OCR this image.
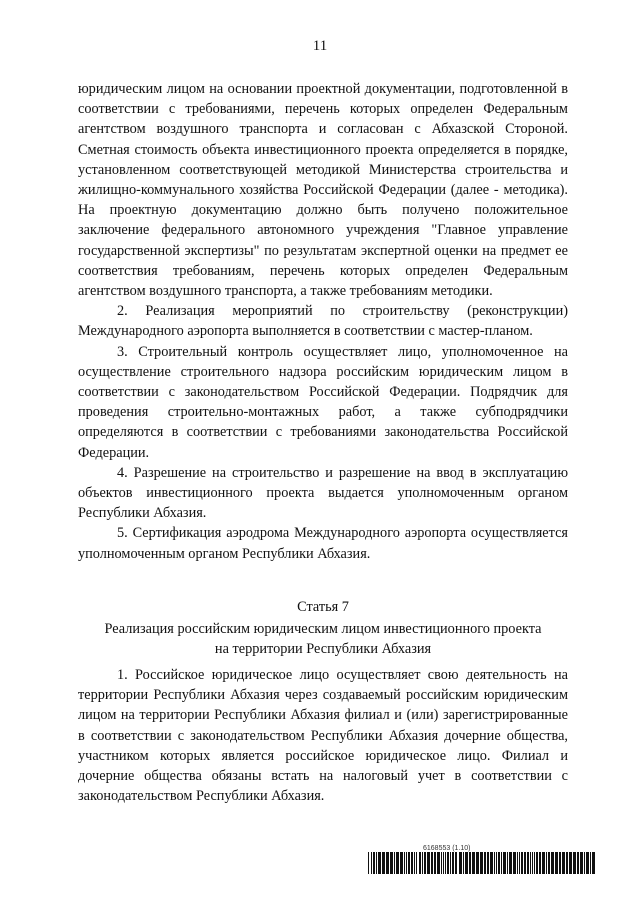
11

юридическим лицом на основании проектной документации, подготовленной в соответствии с требованиями, перечень которых определен Федеральным агентством воздушного транспорта и согласован с Абхазской Стороной. Сметная стоимость объекта инвестиционного проекта определяется в порядке, установленном соответствующей методикой Министерства строительства и жилищно-коммунального хозяйства Российской Федерации (далее - методика). На проектную документацию должно быть получено положительное заключение федерального автономного учреждения "Главное управление государственной экспертизы" по результатам экспертной оценки на предмет ее соответствия требованиям, перечень которых определен Федеральным агентством воздушного транспорта, а также требованиям методики.

2. Реализация мероприятий по строительству (реконструкции) Международного аэропорта выполняется в соответствии с мастер-планом.

3. Строительный контроль осуществляет лицо, уполномоченное на осуществление строительного надзора российским юридическим лицом в соответствии с законодательством Российской Федерации. Подрядчик для проведения строительно-монтажных работ, а также субподрядчики определяются в соответствии с требованиями законодательства Российской Федерации.

4. Разрешение на строительство и разрешение на ввод в эксплуатацию объектов инвестиционного проекта выдается уполномоченным органом Республики Абхазия.

5. Сертификация аэродрома Международного аэропорта осуществляется уполномоченным органом Республики Абхазия.

Статья 7

Реализация российским юридическим лицом инвестиционного проекта

на территории Республики Абхазия

1. Российское юридическое лицо осуществляет свою деятельность на территории Республики Абхазия через создаваемый российским юридическим лицом на территории Республики Абхазия филиал и (или) зарегистрированные в соответствии с законодательством Республики Абхазия дочерние общества, участником которых является российское юридическое лицо. Филиал и дочерние общества обязаны встать на налоговый учет в соответствии с законодательством Республики Абхазия.

6168553 (1.10)
